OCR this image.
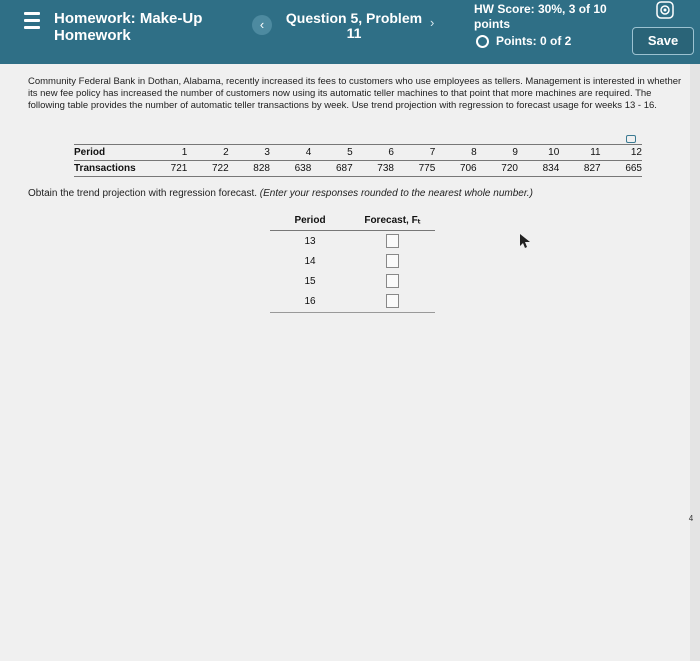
Homework: Make-Up
Homework
‹	Question 5, Problem
11
›
HW Score: 30%, 3 of 10
points
Points: 0 of 2	Save
Community Federal Bank in Dothan, Alabama, recently increased its fees to customers who use employees as tellers. Management is interested in whether its new fee policy has increased the number of customers now using its automatic teller machines to that point that more machines are required. The following table provides the number of automatic teller transactions by week. Use trend projection with regression to forecast usage for weeks 13 - 16.
Period	1	2	3	4	5	6	7	8	9	10	11	12
Transactions	721	722	828	638	687	738	775	706	720	834	827	665
Obtain the trend projection with regression forecast. (Enter your responses rounded to the nearest whole number.)
Period	Forecast, Fₜ
13	
14	
15	
16	
4
